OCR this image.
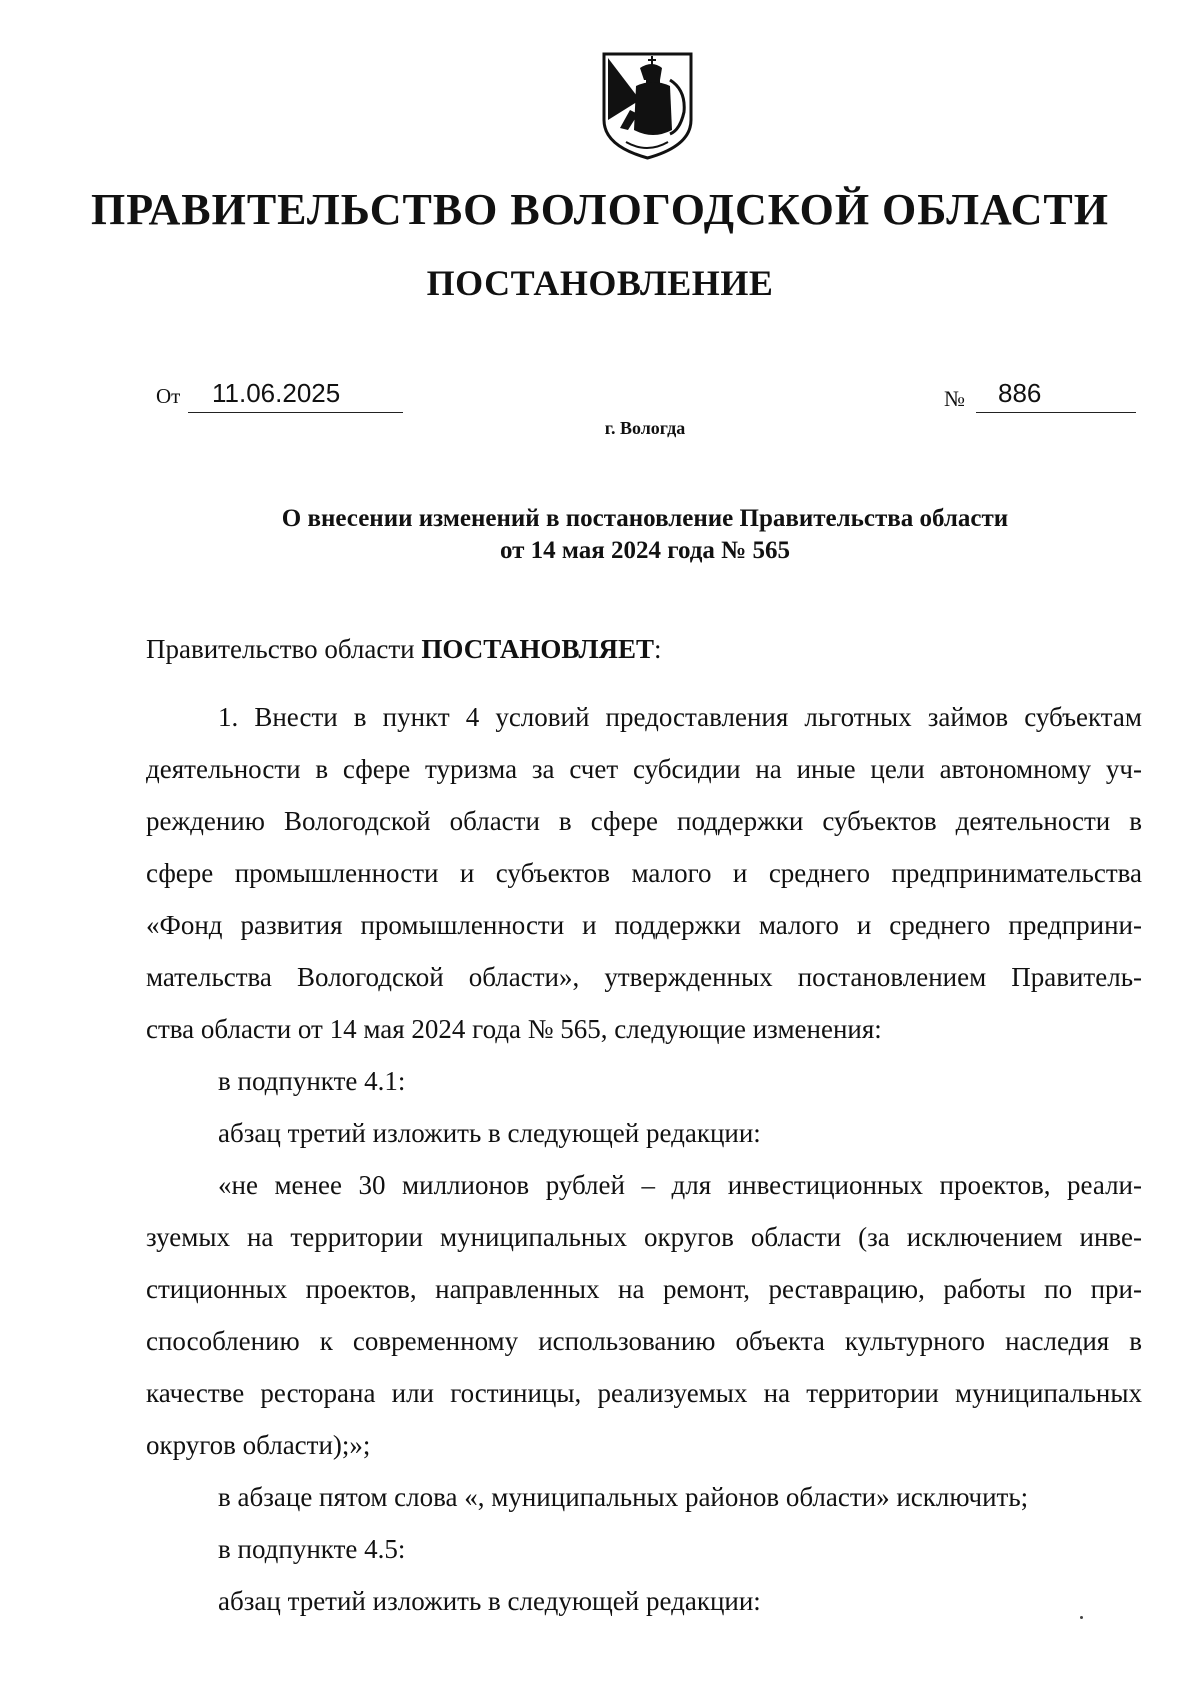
ПРАВИТЕЛЬСТВО ВОЛОГОДСКОЙ ОБЛАСТИ
ПОСТАНОВЛЕНИЕ
От	11.06.2025	№	886
г. Вологда
О внесении изменений в постановление Правительства области
от 14 мая 2024 года № 565
Правительство области ПОСТАНОВЛЯЕТ:
1. Внести в пункт 4 условий предоставления льготных займов субъектам
деятельности в сфере туризма за счет субсидии на иные цели автономному уч-
реждению Вологодской области в сфере поддержки субъектов деятельности в
сфере промышленности и субъектов малого и среднего предпринимательства
«Фонд развития промышленности и поддержки малого и среднего предприни-
мательства Вологодской области», утвержденных постановлением Правитель-
ства области от 14 мая 2024 года № 565, следующие изменения:
в подпункте 4.1:
абзац третий изложить в следующей редакции:
«не менее 30 миллионов рублей – для инвестиционных проектов, реали-
зуемых на территории муниципальных округов области (за исключением инве-
стиционных проектов, направленных на ремонт, реставрацию, работы по при-
способлению к современному использованию объекта культурного наследия в
качестве ресторана или гостиницы, реализуемых на территории муниципальных
округов области);»;
в абзаце пятом слова «, муниципальных районов области» исключить;
в подпункте 4.5:
абзац третий изложить в следующей редакции:
